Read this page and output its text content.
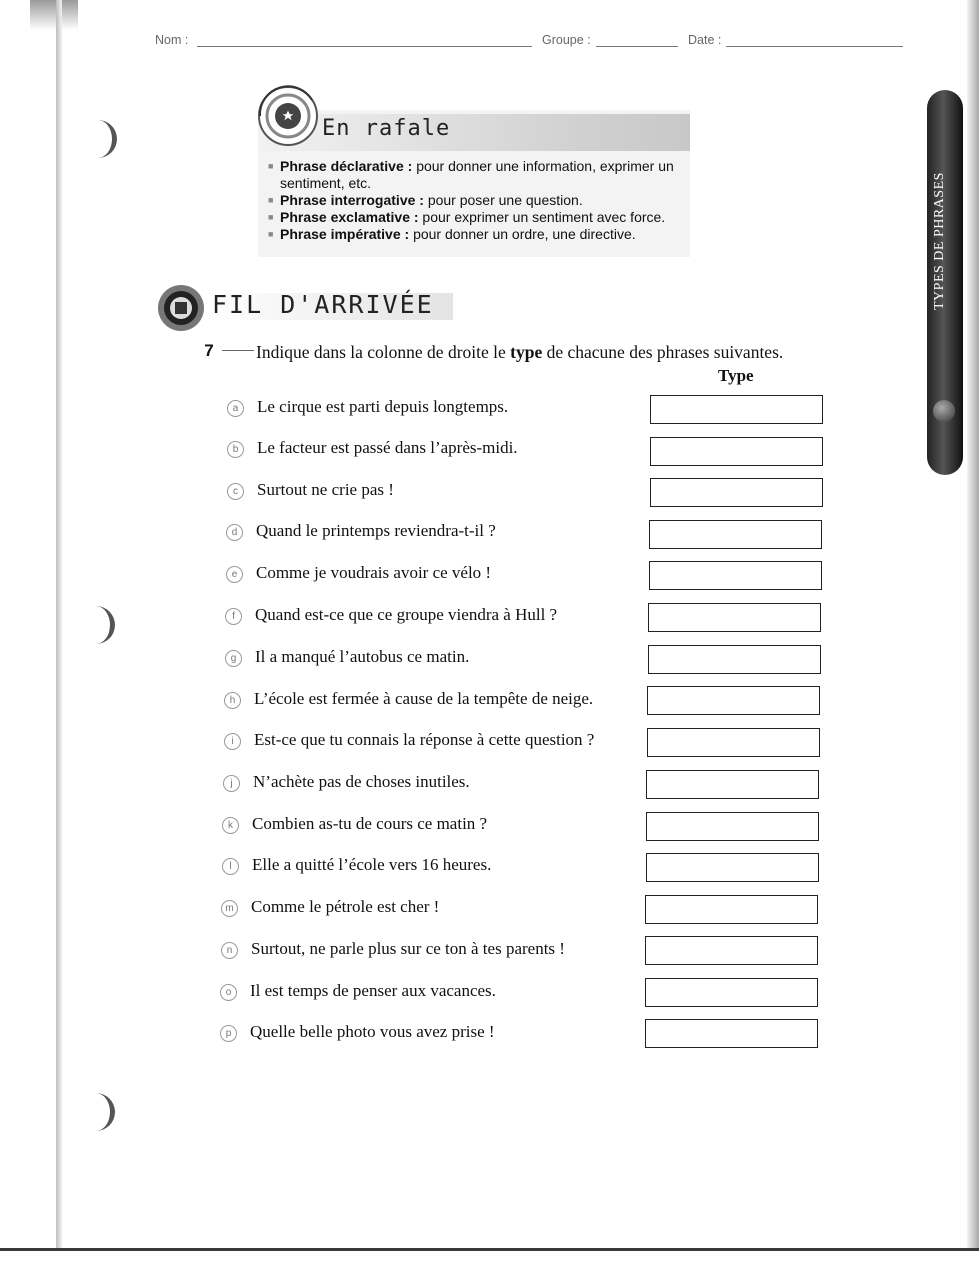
Nom :	Groupe :	Date :
En rafale
■ Phrase déclarative : pour donner une information, exprimer un sentiment, etc.
■ Phrase interrogative : pour poser une question.
■ Phrase exclamative : pour exprimer un sentiment avec force.
■ Phrase impérative : pour donner un ordre, une directive.
FIL D'ARRIVÉE
7	Indique dans la colonne de droite le type de chacune des phrases suivantes.
Type
a	Le cirque est parti depuis longtemps.
b	Le facteur est passé dans l’après-midi.
c	Surtout ne crie pas !
d	Quand le printemps reviendra-t-il ?
e	Comme je voudrais avoir ce vélo !
f	Quand est-ce que ce groupe viendra à Hull ?
g	Il a manqué l’autobus ce matin.
h	L’école est fermée à cause de la tempête de neige.
i	Est-ce que tu connais la réponse à cette question ?
j	N’achète pas de choses inutiles.
k	Combien as-tu de cours ce matin ?
l	Elle a quitté l’école vers 16 heures.
m Comme le pétrole est cher !
n	Surtout, ne parle plus sur ce ton à tes parents !
o	Il est temps de penser aux vacances.
p	Quelle belle photo vous avez prise !
